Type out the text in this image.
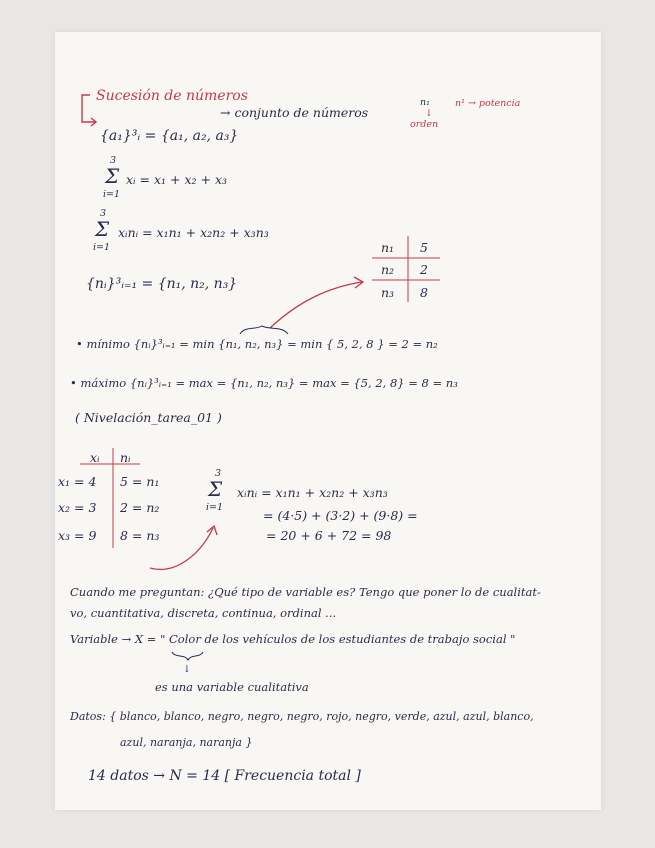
Sucesión de números
→ conjunto de números
n₁
↓
orden
n¹ → potencia
{a₁}³ᵢ = {a₁, a₂, a₃}
3
Σ
i=1
xᵢ = x₁ + x₂ + x₃
3
Σ
i=1
xᵢnᵢ = x₁n₁ + x₂n₂ + x₃n₃
{nᵢ}³ᵢ₌₁ = {n₁, n₂, n₃}
n₁ 5
n₂ 2
n₃ 8
• mínimo {nᵢ}³ᵢ₌₁ = min {n₁, n₂, n₃} = min { 5, 2, 8 } = 2 = n₂
• máximo {nᵢ}³ᵢ₌₁ = max = {n₁, n₂, n₃} = max = {5, 2, 8} = 8 = n₃
( Nivelación_tarea_01 )
xᵢ nᵢ
x₁ = 4 5 = n₁
x₂ = 3 2 = n₂
x₃ = 9 8 = n₃
3
Σ
i=1
xᵢnᵢ = x₁n₁ + x₂n₂ + x₃n₃
= (4·5) + (3·2) + (9·8) =
= 20 + 6 + 72 = 98
Cuando me preguntan: ¿Qué tipo de variable es? Tengo que poner lo de cualitat-
vo, cuantitativa, discreta, continua, ordinal ...
Variable → X = " Color de los vehículos de los estudiantes de trabajo social "
↓
es una variable cualitativa
Datos: { blanco, blanco, negro, negro, negro, rojo, negro, verde, azul, azul, blanco,
azul, naranja, naranja }
14 datos → N = 14 [ Frecuencia total ]
